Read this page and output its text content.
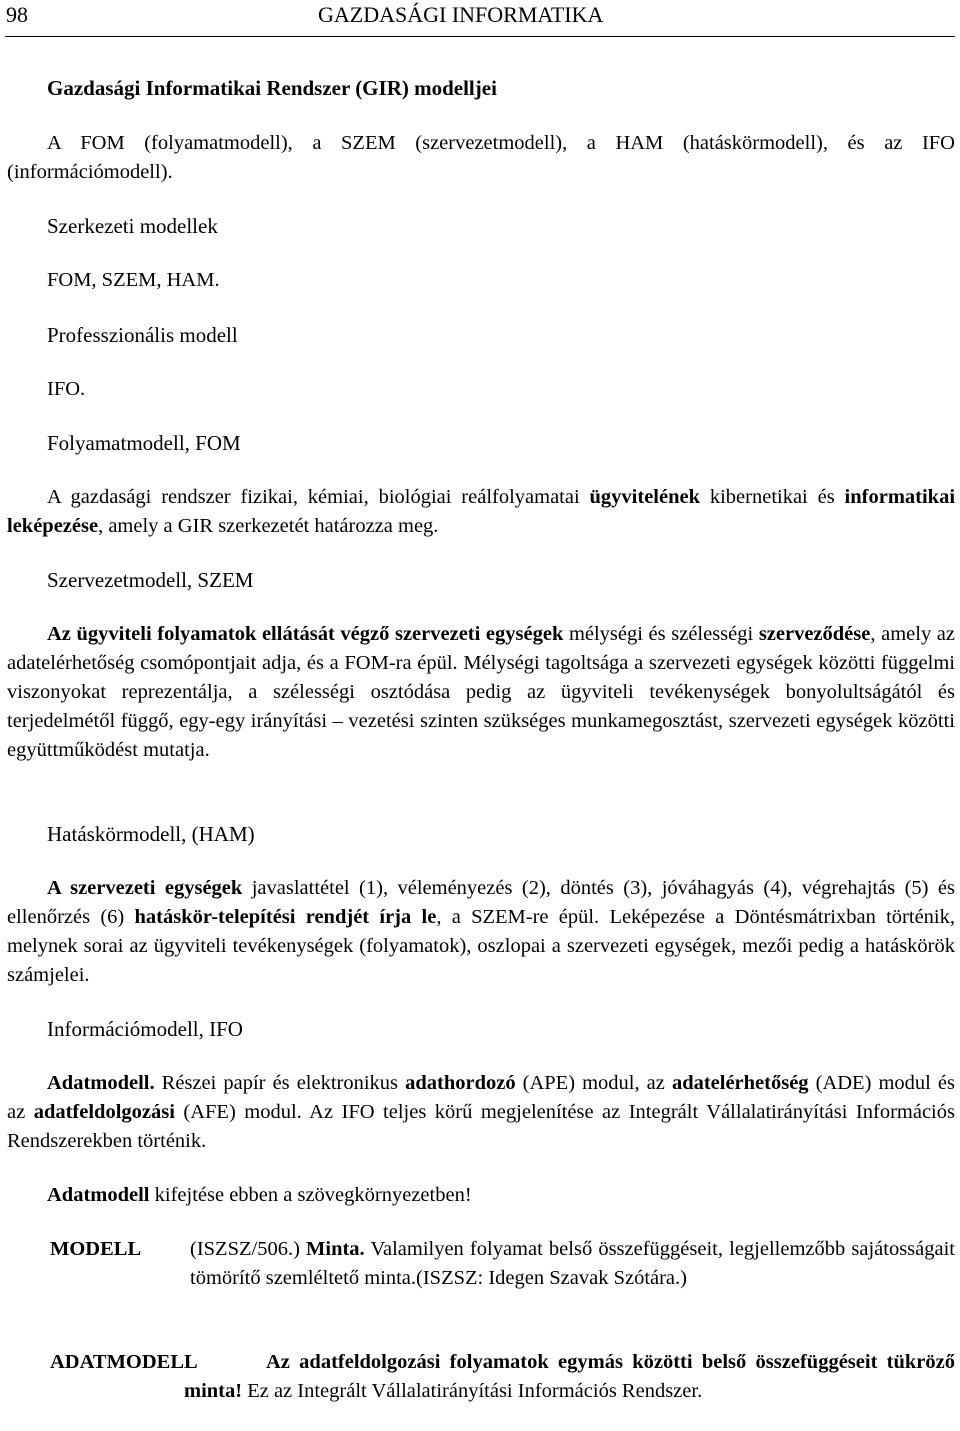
98	GAZDASÁGI INFORMATIKA
Gazdasági Informatikai Rendszer (GIR) modelljei

A FOM (folyamatmodell), a SZEM (szervezetmodell), a HAM (hatáskörmodell), és az IFO (információmodell).

Szerkezeti modellek

FOM, SZEM, HAM.

Professzionális modell

IFO.

Folyamatmodell, FOM

A gazdasági rendszer fizikai, kémiai, biológiai reálfolyamatai ügyvitelének kibernetikai és informatikai leképezése, amely a GIR szerkezetét határozza meg.

Szervezetmodell, SZEM

Az ügyviteli folyamatok ellátását végző szervezeti egységek mélységi és szélességi szerveződése, amely az adatelérhetőség csomópontjait adja, és a FOM-ra épül. Mélységi tagoltsága a szervezeti egységek közötti függelmi viszonyokat reprezentálja, a szélességi osztódása pedig az ügyviteli tevékenységek bonyolultságától és terjedelmétől függő, egy-egy irányítási – vezetési szinten szükséges munkamegosztást, szervezeti egységek közötti együttműködést mutatja.

Hatáskörmodell, (HAM)

A szervezeti egységek javaslattétel (1), véleményezés (2), döntés (3), jóváhagyás (4), végrehajtás (5) és ellenőrzés (6) hatáskör-telepítési rendjét írja le, a SZEM-re épül. Leképezése a Döntésmátrixban történik, melynek sorai az ügyviteli tevékenységek (folyamatok), oszlopai a szervezeti egységek, mezői pedig a hatáskörök számjelei.

Információmodell, IFO

Adatmodell. Részei papír és elektronikus adathordozó (APE) modul, az adatelérhetőség (ADE) modul és az adatfeldolgozási (AFE) modul. Az IFO teljes körű megjelenítése az Integrált Vállalatirányítási Információs Rendszerekben történik.

Adatmodell kifejtése ebben a szövegkörnyezetben!

MODELL (ISZSZ/506.) Minta. Valamilyen folyamat belső összefüggéseit, legjellemzőbb sajátosságait tömörítő szemléltető minta.(ISZSZ: Idegen Szavak Szótára.)

ADATMODELL	Az adatfeldolgozási folyamatok egymás közötti belső összefüggéseit tükröző minta! Ez az Integrált Vállalatirányítási Információs Rendszer.
